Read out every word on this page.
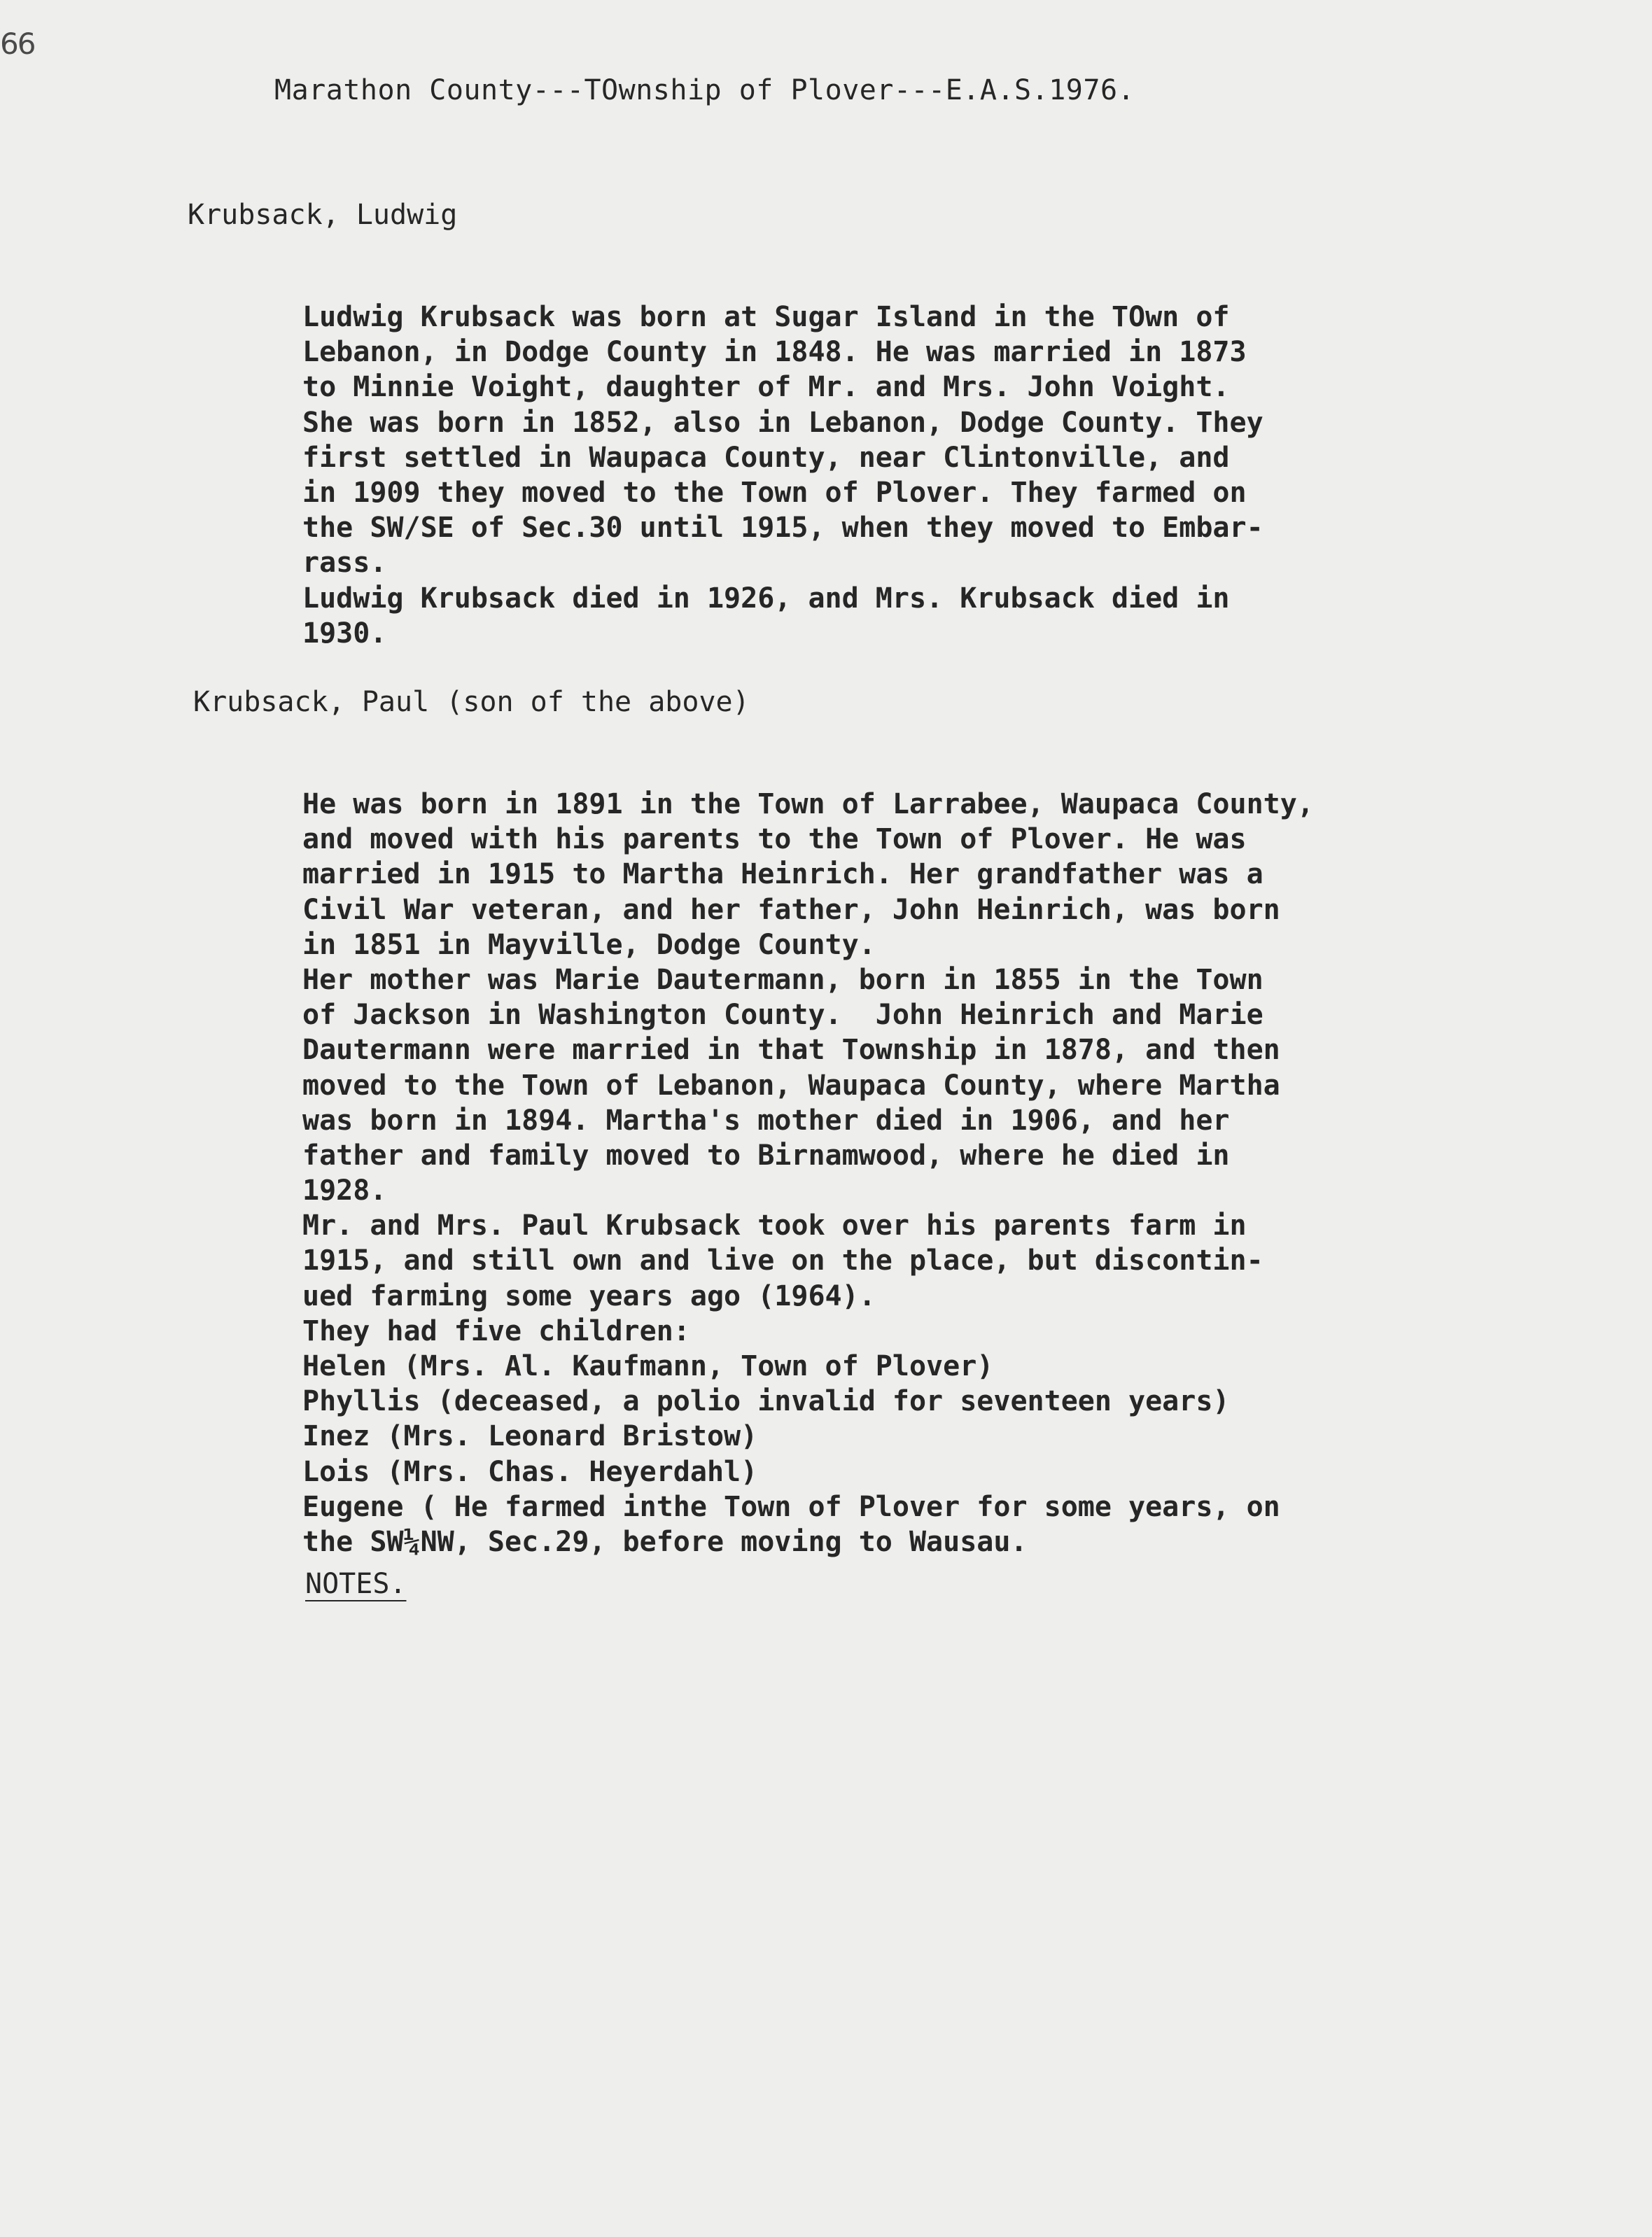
66
Marathon County---TOwnship of Plover---E.A.S.1976.
Krubsack, Ludwig
Ludwig Krubsack was born at Sugar Island in the TOwn of
Lebanon, in Dodge County in 1848. He was married in 1873
to Minnie Voight, daughter of Mr. and Mrs. John Voight.
She was born in 1852, also in Lebanon, Dodge County. They
first settled in Waupaca County, near Clintonville, and
in 1909 they moved to the Town of Plover. They farmed on
the SW/SE of Sec.30 until 1915, when they moved to Embar-
rass.
Ludwig Krubsack died in 1926, and Mrs. Krubsack died in
1930.
Krubsack, Paul (son of the above)
He was born in 1891 in the Town of Larrabee, Waupaca County,
and moved with his parents to the Town of Plover. He was
married in 1915 to Martha Heinrich. Her grandfather was a
Civil War veteran, and her father, John Heinrich, was born
in 1851 in Mayville, Dodge County.
Her mother was Marie Dautermann, born in 1855 in the Town
of Jackson in Washington County.  John Heinrich and Marie
Dautermann were married in that Township in 1878, and then
moved to the Town of Lebanon, Waupaca County, where Martha
was born in 1894. Martha's mother died in 1906, and her
father and family moved to Birnamwood, where he died in
1928.
Mr. and Mrs. Paul Krubsack took over his parents farm in
1915, and still own and live on the place, but discontin-
ued farming some years ago (1964).
They had five children:
Helen (Mrs. Al. Kaufmann, Town of Plover)
Phyllis (deceased, a polio invalid for seventeen years)
Inez (Mrs. Leonard Bristow)
Lois (Mrs. Chas. Heyerdahl)
Eugene ( He farmed inthe Town of Plover for some years, on
the SW¼NW, Sec.29, before moving to Wausau.
NOTES.
